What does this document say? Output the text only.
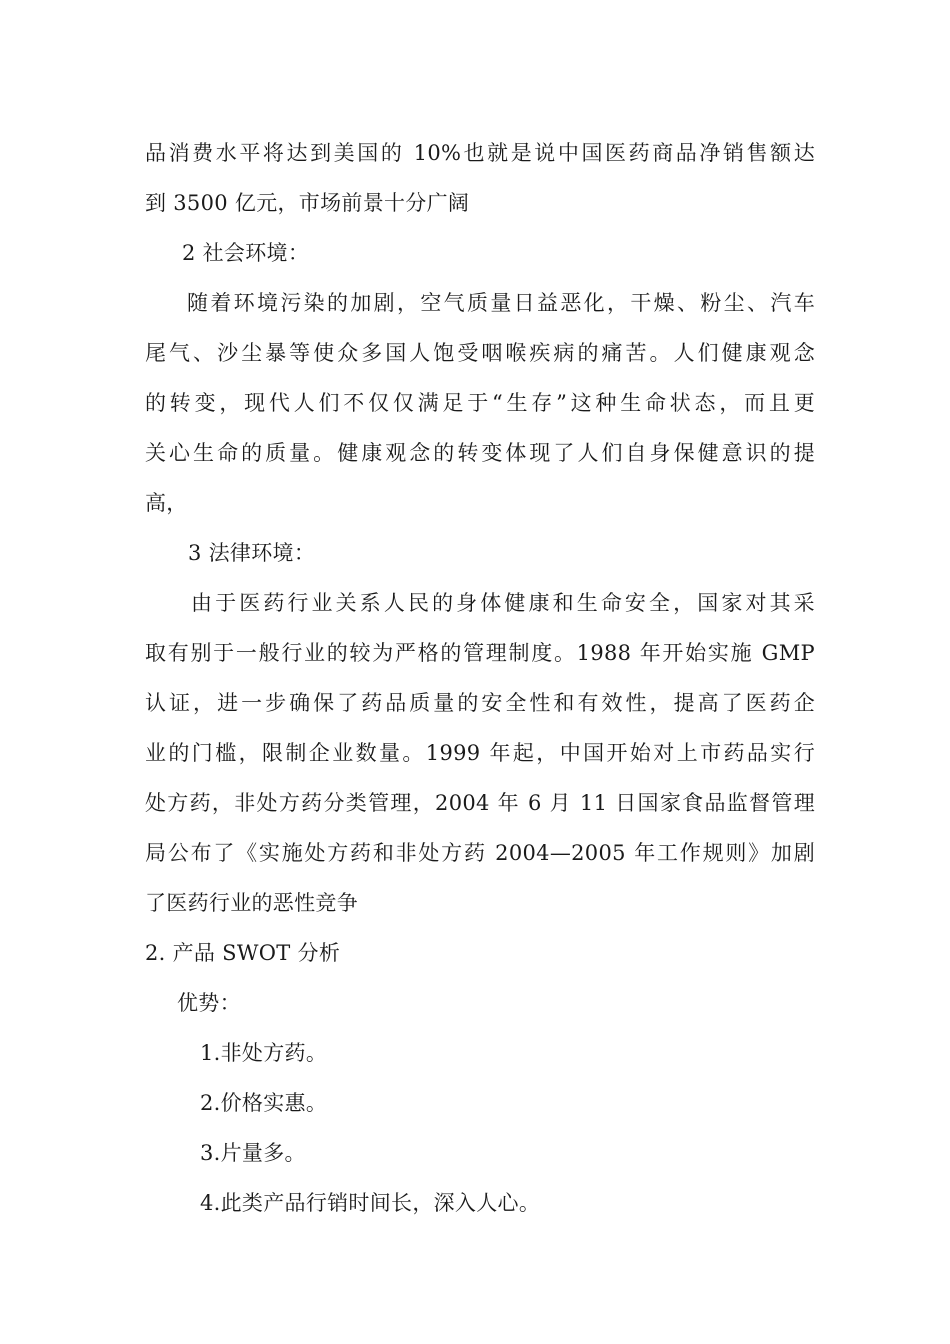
品消费水平将达到美国的 10%也就是说中国医药商品净销售额达
到 3500 亿元，市场前景十分广阔
2 社会环境：
随着环境污染的加剧，空气质量日益恶化，干燥、粉尘、汽车
尾气、沙尘暴等使众多国人饱受咽喉疾病的痛苦。人们健康观念
的转变，现代人们不仅仅满足于“生存”这种生命状态，而且更
关心生命的质量。健康观念的转变体现了人们自身保健意识的提
高，
3 法律环境：
由于医药行业关系人民的身体健康和生命安全，国家对其采
取有别于一般行业的较为严格的管理制度。1988 年开始实施 GMP
认证，进一步确保了药品质量的安全性和有效性，提高了医药企
业的门槛，限制企业数量。1999 年起，中国开始对上市药品实行
处方药，非处方药分类管理，2004 年 6 月 11 日国家食品监督管理
局公布了《实施处方药和非处方药 2004—2005 年工作规则》加剧
了医药行业的恶性竞争
2. 产品 SWOT 分析
优势：
1.非处方药。
2.价格实惠。
3.片量多。
4.此类产品行销时间长，深入人心。
